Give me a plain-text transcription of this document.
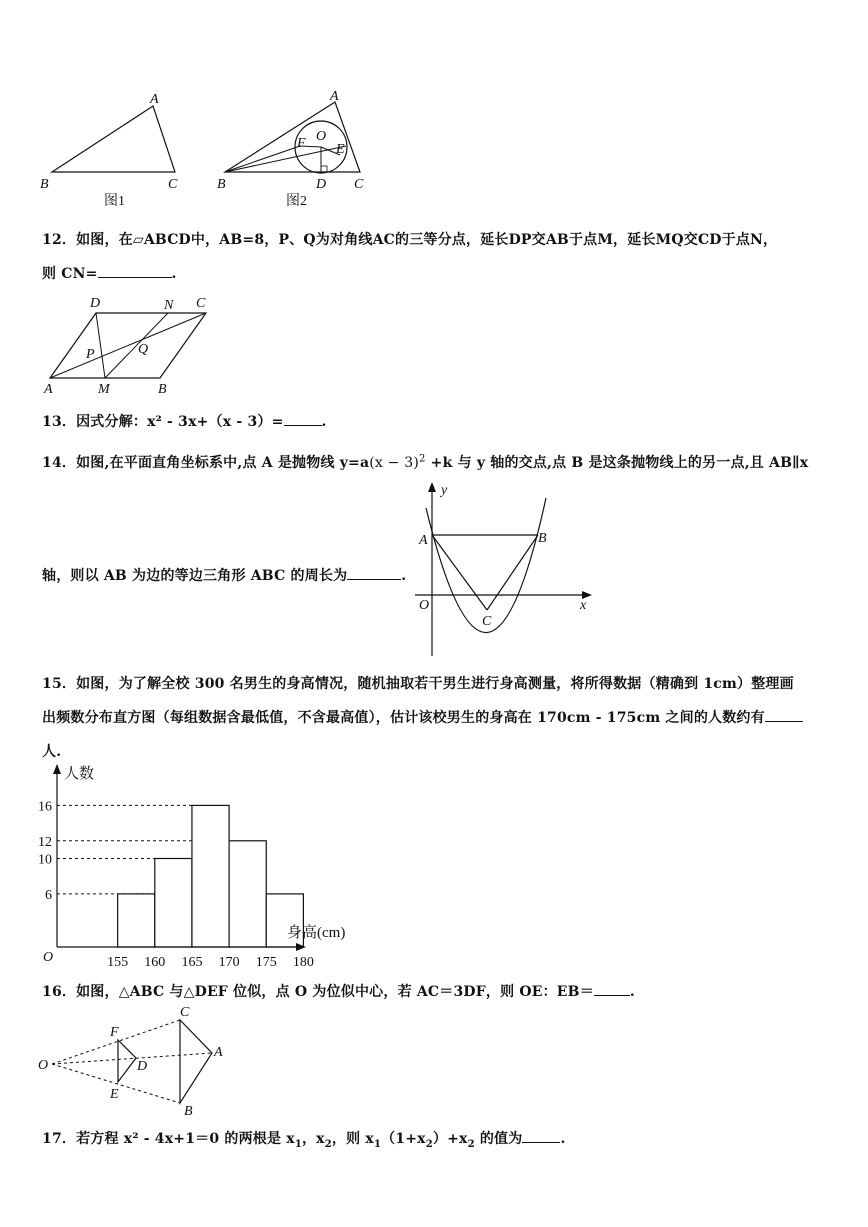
A
B	C
图1
A
B	C
D
E
F O
图2
12．如图，在▱ABCD中，AB=8，P、Q为对角线AC的三等分点，延长DP交AB于点M，延长MQ交CD于点N，
则 CN=	.
A	B
C
D
M
N
P	Q
13．因式分解：x² - 3x+（x - 3）=	.
14．如图,在平面直角坐标系中,点 A 是抛物线 $y=a(x - 3)^2 +k$ 与 y 轴的交点,点 B 是这条抛物线上的另一点,且 AB∥x
轴，则以 AB 为边的等边三角形 ABC 的周长为	.
A	B
C
O	x
y
15．如图，为了解全校 300 名男生的身高情况，随机抽取若干男生进行身高测量，将所得数据（精确到 1cm）整理画
出频数分布直方图（每组数据含最低值，不含最高值），估计该校男生的身高在 170cm - 175cm 之间的人数约有
人.
6
10
12
16
155 160 165 170 175 180
人数
身高(cm)
O
16．如图，△ABC 与△DEF 位似，点 O 为位似中心，若 AC＝3DF，则 OE：EB＝	.
O
C
A
B
F
D
E
17．若方程 x² - 4x+1＝0 的两根是 $x_1$，$x_2$，则 $x_1(1+x_2)+x_2$ 的值为	.
